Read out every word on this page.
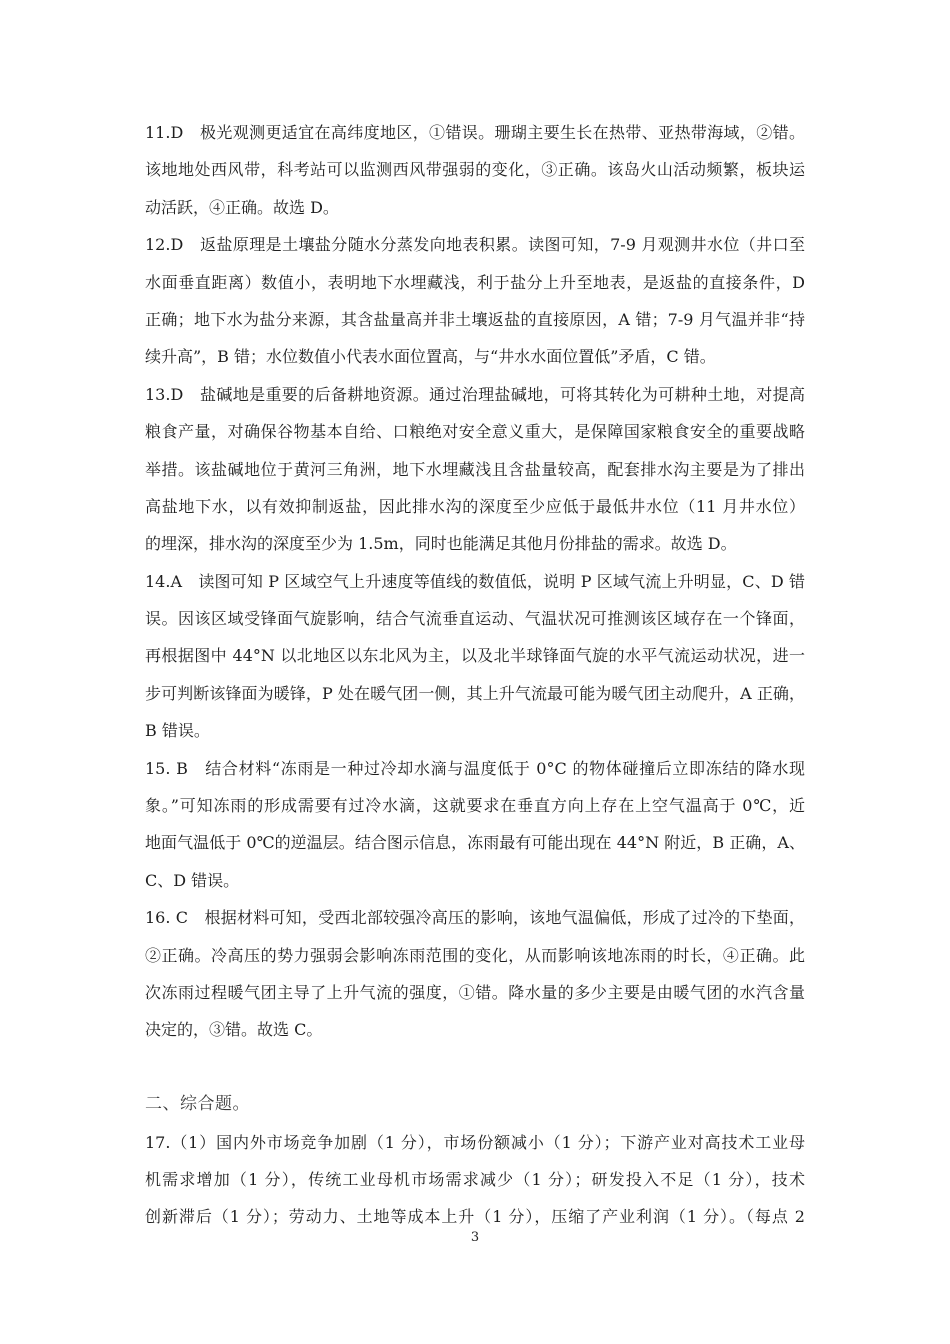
11.D　极光观测更适宜在高纬度地区，①错误。珊瑚主要生长在热带、亚热带海域，②错。
该地地处西风带，科考站可以监测西风带强弱的变化，③正确。该岛火山活动频繁，板块运
动活跃，④正确。故选 D。
12.D　返盐原理是土壤盐分随水分蒸发向地表积累。读图可知，7-9 月观测井水位（井口至
水面垂直距离）数值小，表明地下水埋藏浅，利于盐分上升至地表，是返盐的直接条件，D
正确；地下水为盐分来源，其含盐量高并非土壤返盐的直接原因，A 错；7-9 月气温并非“持
续升高”，B 错；水位数值小代表水面位置高，与“井水水面位置低”矛盾，C 错。
13.D　盐碱地是重要的后备耕地资源。通过治理盐碱地，可将其转化为可耕种土地，对提高
粮食产量，对确保谷物基本自给、口粮绝对安全意义重大，是保障国家粮食安全的重要战略
举措。该盐碱地位于黄河三角洲，地下水埋藏浅且含盐量较高，配套排水沟主要是为了排出
高盐地下水，以有效抑制返盐，因此排水沟的深度至少应低于最低井水位（11 月井水位）
的埋深，排水沟的深度至少为 1.5m，同时也能满足其他月份排盐的需求。故选 D。
14.A　读图可知 P 区域空气上升速度等值线的数值低，说明 P 区域气流上升明显，C、D 错
误。因该区域受锋面气旋影响，结合气流垂直运动、气温状况可推测该区域存在一个锋面，
再根据图中 44°N 以北地区以东北风为主，以及北半球锋面气旋的水平气流运动状况，进一
步可判断该锋面为暖锋，P 处在暖气团一侧，其上升气流最可能为暖气团主动爬升，A 正确，
B 错误。
15. B　结合材料“冻雨是一种过冷却水滴与温度低于 0°C 的物体碰撞后立即冻结的降水现
象。”可知冻雨的形成需要有过冷水滴，这就要求在垂直方向上存在上空气温高于 0℃，近
地面气温低于 0℃的逆温层。结合图示信息，冻雨最有可能出现在 44°N 附近，B 正确，A、
C、D 错误。
16. C　根据材料可知，受西北部较强冷高压的影响，该地气温偏低，形成了过冷的下垫面，
②正确。冷高压的势力强弱会影响冻雨范围的变化，从而影响该地冻雨的时长，④正确。此
次冻雨过程暖气团主导了上升气流的强度，①错。降水量的多少主要是由暖气团的水汽含量
决定的，③错。故选 C。
二、综合题。
17.（1）国内外市场竞争加剧（1 分），市场份额减小（1 分）；下游产业对高技术工业母
机需求增加（1 分），传统工业母机市场需求减少（1 分）；研发投入不足（1 分），技术
创新滞后（1 分）；劳动力、土地等成本上升（1 分），压缩了产业利润（1 分）。（每点 2
3
